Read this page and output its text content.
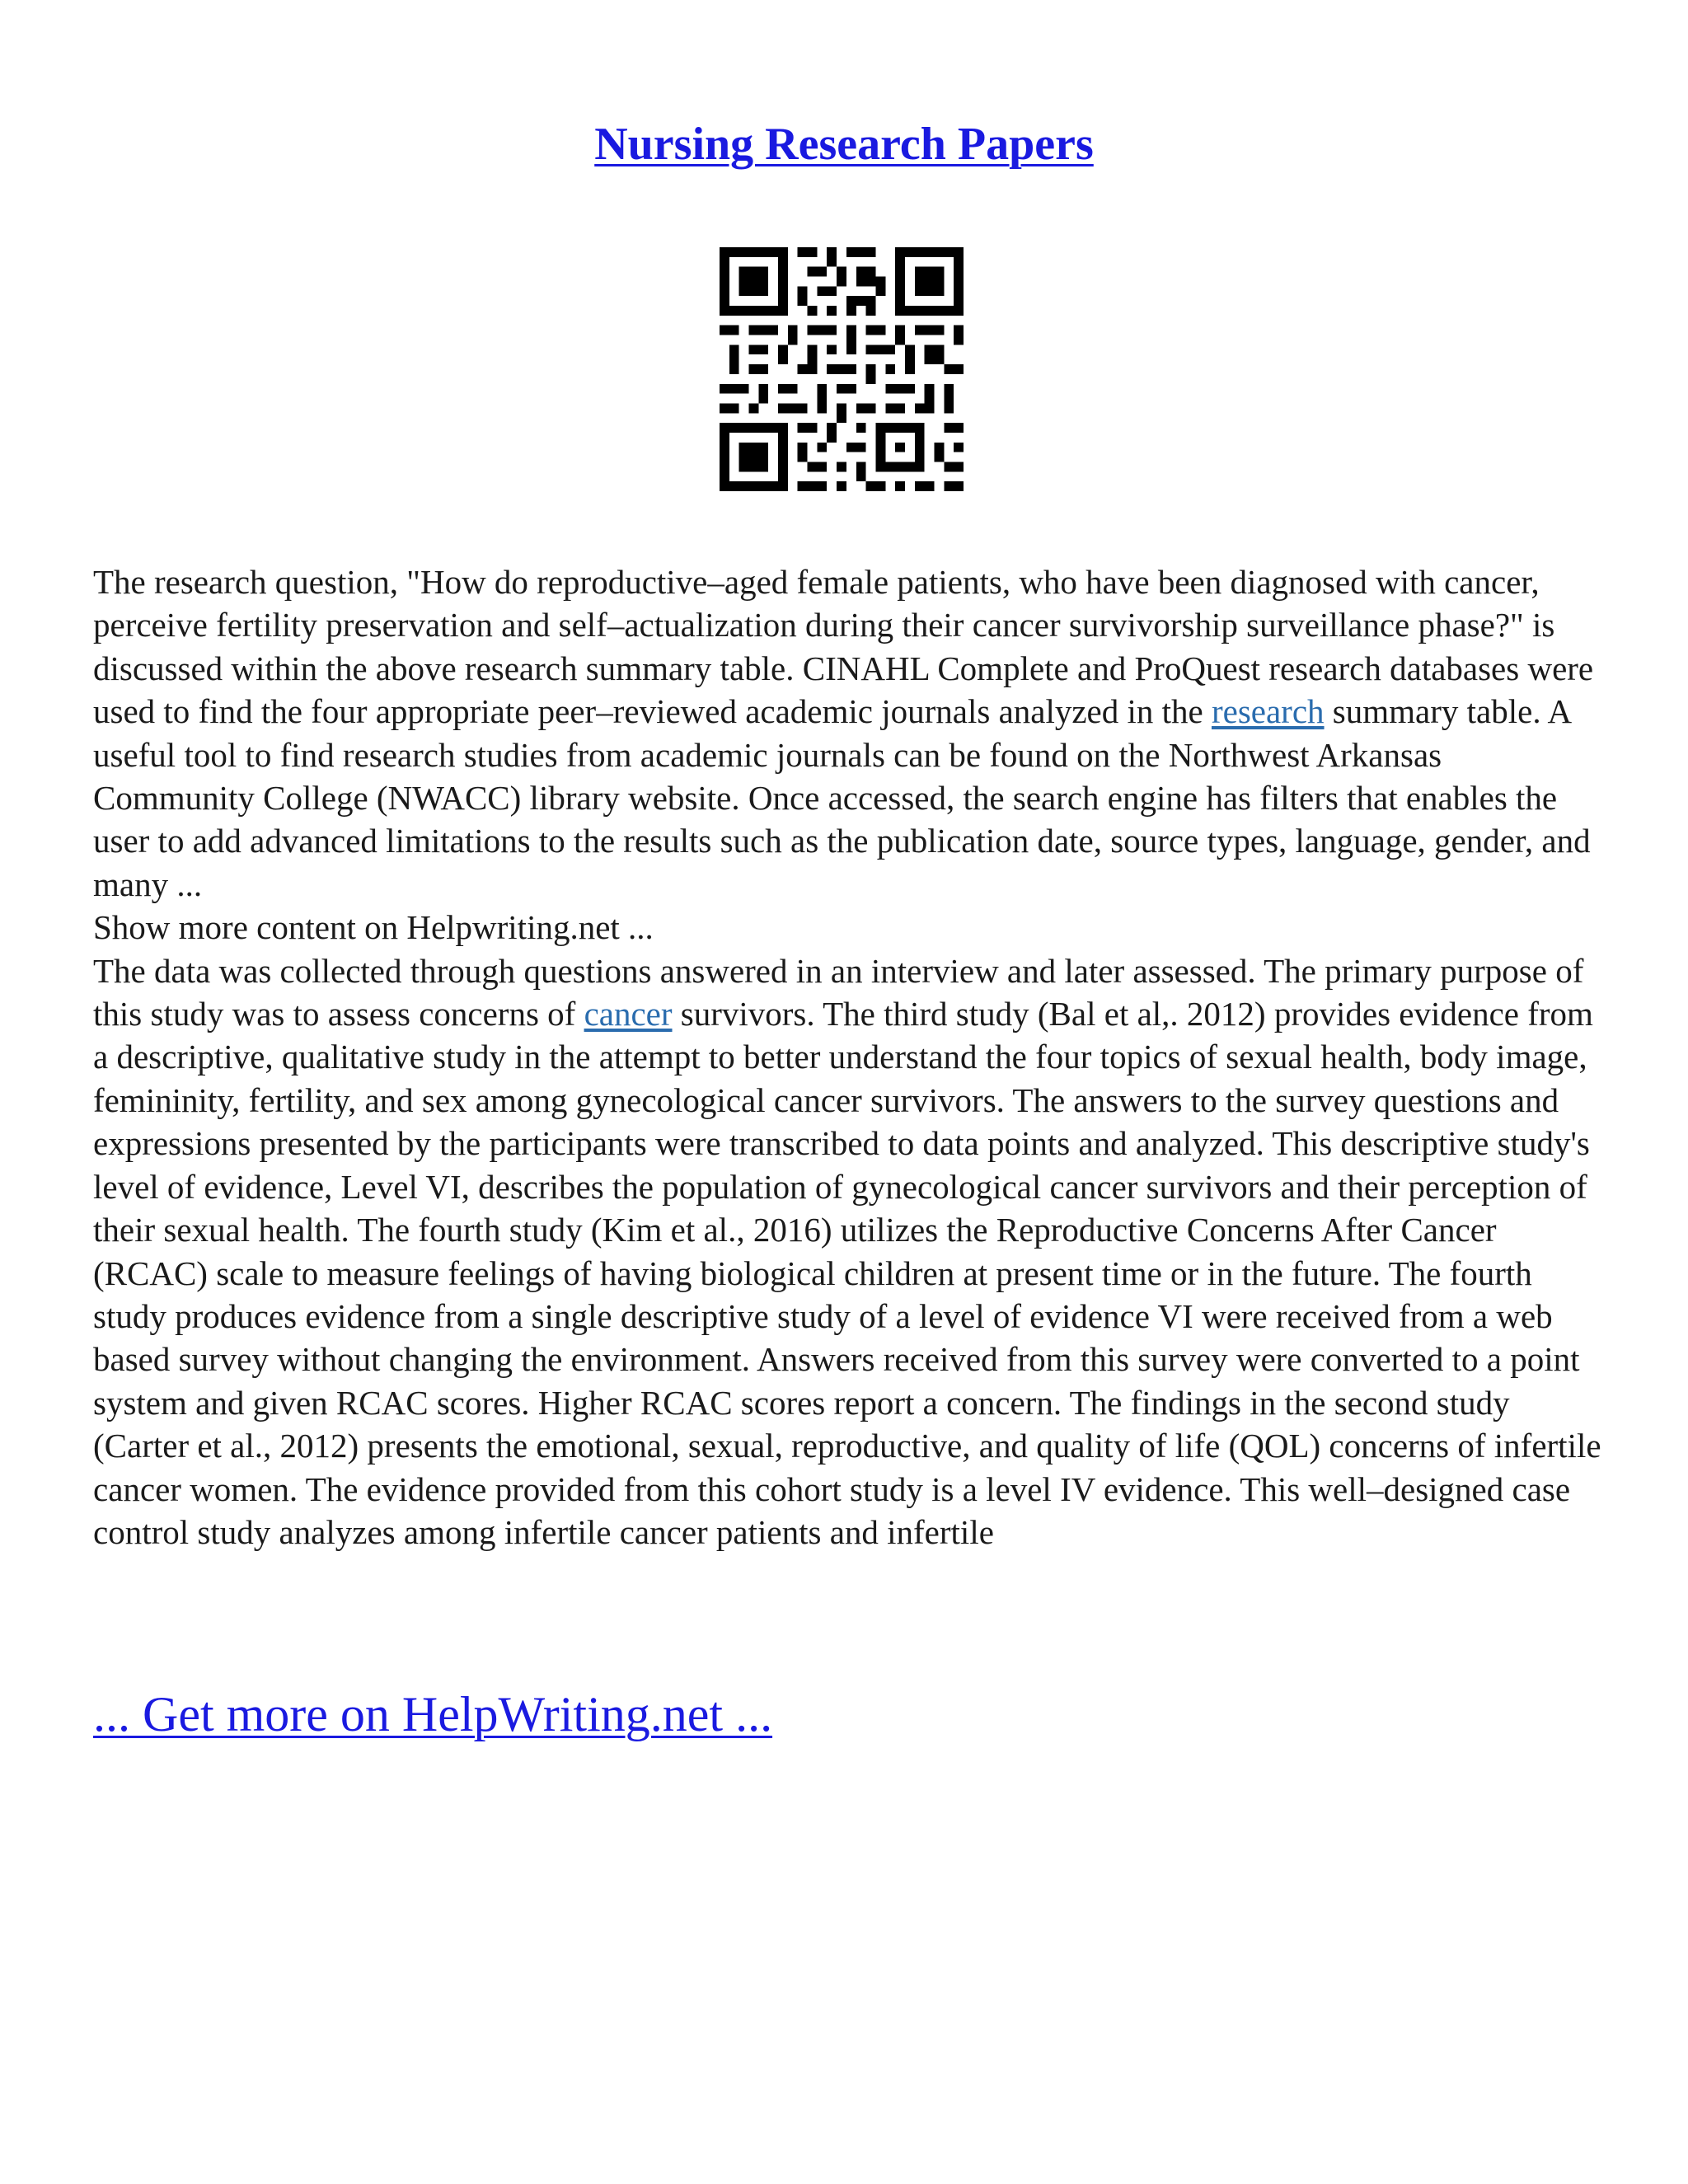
Nursing Research Papers

The research question, "How do reproductive–aged female patients, who have been diagnosed with cancer, perceive fertility preservation and self–actualization during their cancer survivorship surveillance phase?" is discussed within the above research summary table. CINAHL Complete and ProQuest research databases were used to find the four appropriate peer–reviewed academic journals analyzed in the research summary table. A useful tool to find research studies from academic journals can be found on the Northwest Arkansas Community College (NWACC) library website. Once accessed, the search engine has filters that enables the user to add advanced limitations to the results such as the publication date, source types, language, gender, and many ...

Show more content on Helpwriting.net ...

The data was collected through questions answered in an interview and later assessed. The primary purpose of this study was to assess concerns of cancer survivors. The third study (Bal et al,. 2012) provides evidence from a descriptive, qualitative study in the attempt to better understand the four topics of sexual health, body image, femininity, fertility, and sex among gynecological cancer survivors. The answers to the survey questions and expressions presented by the participants were transcribed to data points and analyzed. This descriptive study's level of evidence, Level VI, describes the population of gynecological cancer survivors and their perception of their sexual health. The fourth study (Kim et al., 2016) utilizes the Reproductive Concerns After Cancer (RCAC) scale to measure feelings of having biological children at present time or in the future. The fourth study produces evidence from a single descriptive study of a level of evidence VI were received from a web based survey without changing the environment. Answers received from this survey were converted to a point system and given RCAC scores. Higher RCAC scores report a concern. The findings in the second study (Carter et al., 2012) presents the emotional, sexual, reproductive, and quality of life (QOL) concerns of infertile cancer women. The evidence provided from this cohort study is a level IV evidence. This well–designed case control study analyzes among infertile cancer patients and infertile

... Get more on HelpWriting.net ...
